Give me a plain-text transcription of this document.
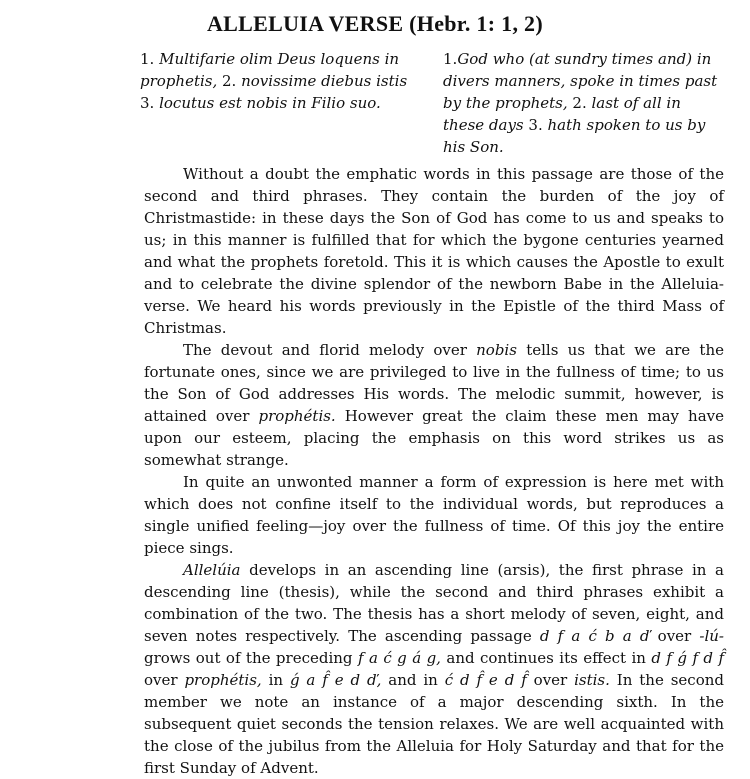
ALLELUIA VERSE (Hebr. 1: 1, 2)
1. Multifarie olim Deus loquens in prophetis, 2. novissime diebus istis 3. locutus est nobis in Filio suo.
1.God who (at sundry times and) in divers manners, spoke in times past by the prophets, 2. last of all in these days 3. hath spoken to us by his Son.

Without a doubt the emphatic words in this passage are those of the second and third phrases. They contain the burden of the joy of Christmastide: in these days the Son of God has come to us and speaks to us; in this manner is fulfilled that for which the bygone centuries yearned and what the prophets foretold. This it is which causes the Apostle to exult and to celebrate the divine splendor of the newborn Babe in the Alleluia-verse. We heard his words previously in the Epistle of the third Mass of Christmas.

The devout and florid melody over nobis tells us that we are the fortunate ones, since we are privileged to live in the fullness of time; to us the Son of God addresses His words. The melodic summit, however, is attained over prophétis. However great the claim these men may have upon our esteem, placing the emphasis on this word strikes us as somewhat strange.

In quite an unwonted manner a form of expression is here met with which does not confine itself to the individual words, but reproduces a single unified feeling—joy over the fullness of time. Of this joy the entire piece sings.

Allelúia develops in an ascending line (arsis), the first phrase in a descending line (thesis), while the second and third phrases exhibit a combination of the two. The thesis has a short melody of seven, eight, and seven notes respectively. The ascending passage d f a ć b a ď over -lú- grows out of the preceding f a ć g á g, and continues its effect in d f ǵ f d f̂ over prophétis, in ǵ a f̂ e d ď, and in ć d f̂ e d f̂ over istis. In the second member we note an instance of a major descending sixth. In the subsequent quiet seconds the tension relaxes. We are well acquainted with the close of the jubilus from the Alleluia for Holy Saturday and that for the first Sunday of Advent.
